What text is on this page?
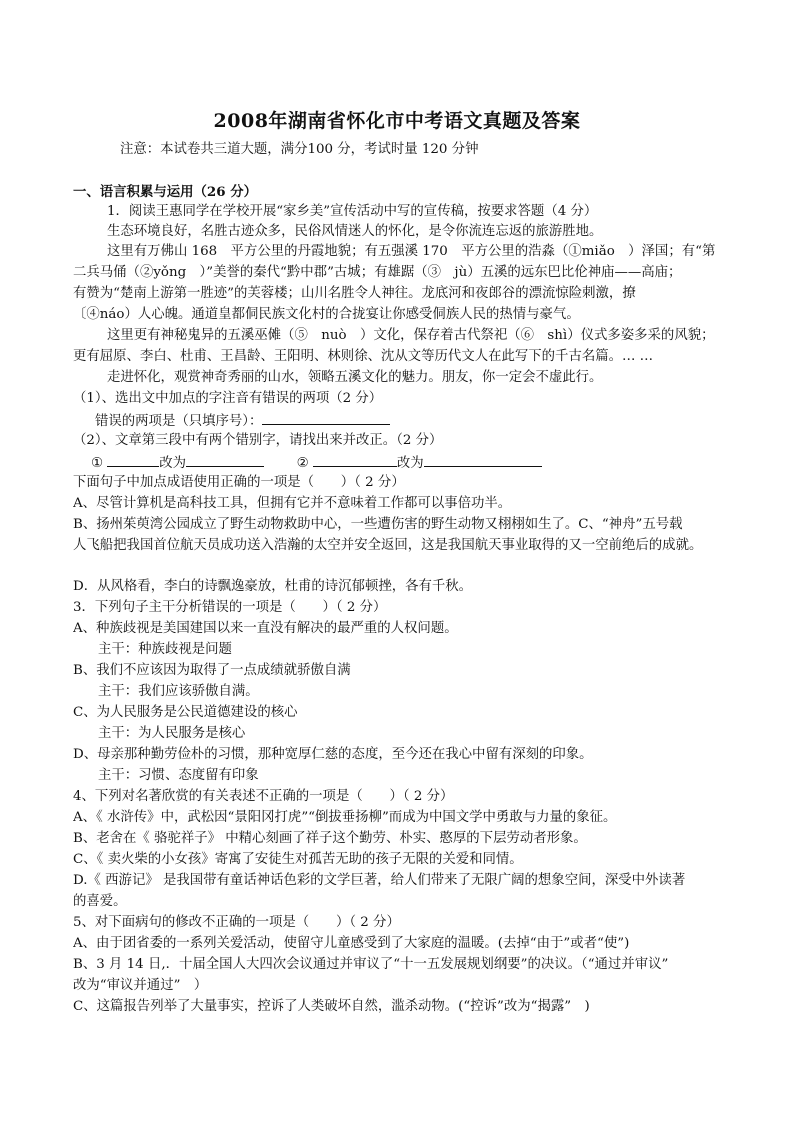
2008年湖南省怀化市中考语文真题及答案
注意：本试卷共三道大题，满分100 分，考试时量 120 分钟
一、语言积累与运用（26 分）
1．阅读王惠同学在学校开展“家乡美”宣传活动中写的宣传稿，按要求答题（4 分）
生态环境良好，名胜古迹众多，民俗风情迷人的怀化，是令你流连忘返的旅游胜地。
这里有万佛山 168　平方公里的丹霞地貌；有五强溪 170　平方公里的浩淼（①miǎo　）泽国；有“第
二兵马俑（②yǒng　）”美誉的秦代“黔中郡”古城；有雄踞（③　jù）五溪的远东巴比伦神庙——高庙；
有赞为“楚南上游第一胜迹”的芙蓉楼；山川名胜令人神往。龙底河和夜郎谷的漂流惊险刺激，撩
〔④náo）人心魄。通道皇都侗民族文化村的合拢宴让你感受侗族人民的热情与豪气。
这里更有神秘鬼异的五溪巫傩（⑤　nuò　）文化，保存着古代祭祀（⑥　shì）仪式多姿多采的风貌；
更有屈原、李白、杜甫、王昌龄、王阳明、林则徐、沈从文等历代文人在此写下的千古名篇。… …
走进怀化，观赏神奇秀丽的山水，领略五溪文化的魅力。朋友，你一定会不虚此行。
（1）、选出文中加点的字注音有错误的两项（2 分）
错误的两项是（只填序号）：
（2）、文章第三段中有两个错别字，请找出来并改正。（2 分）
①	改为	②	改为
下面句子中加点成语使用正确的一项是（　　）（ 2 分）
A、尽管计算机是高科技工具，但拥有它并不意味着工作都可以事倍功半。
B、扬州茱萸湾公园成立了野生动物救助中心，一些遭伤害的野生动物又栩栩如生了。C、“神舟”五号载
人飞船把我国首位航天员成功送入浩瀚的太空并安全返回，这是我国航天事业取得的又一空前绝后的成就。
D．从风格看，李白的诗飘逸豪放，杜甫的诗沉郁顿挫，各有千秋。
3．下列句子主干分析错误的一项是（　　）（ 2 分）
A、种族歧视是美国建国以来一直没有解决的最严重的人权问题。
主干：种族歧视是问题
B、我们不应该因为取得了一点成绩就骄傲自满
主干：我们应该骄傲自满。
C、为人民服务是公民道德建设的核心
主干：为人民服务是核心
D、母亲那种勤劳俭朴的习惯，那种宽厚仁慈的态度，至今还在我心中留有深刻的印象。
主干：习惯、态度留有印象
4、下列对名著欣赏的有关表述不正确的一项是（　　）（ 2 分）
A、《 水浒传》中，武松因“景阳冈打虎”“倒拔垂扬柳”而成为中国文学中勇敢与力量的象征。
B、老舍在《 骆驼祥子》 中精心刻画了祥子这个勤劳、朴实、憨厚的下层劳动者形象。
C、《 卖火柴的小女孩》寄寓了安徒生对孤苦无助的孩子无限的关爱和同情。
D.《 西游记》 是我国带有童话神话色彩的文学巨著，给人们带来了无限广阔的想象空间，深受中外读著
的喜爱。
5、对下面病句的修改不正确的一项是（　　）（ 2 分）
A、由于团省委的一系列关爱活动，使留守儿童感受到了大家庭的温暖。(去掉“由于”或者“使”)
B、3 月 14 日,．十届全国人大四次会议通过并审议了“十一五发展规划纲要”的决议。（“通过并审议”
改为“审议并通过”　）
C、这篇报告列举了大量事实，控诉了人类破坏自然，滥杀动物。(“控诉”改为“揭露”　)
